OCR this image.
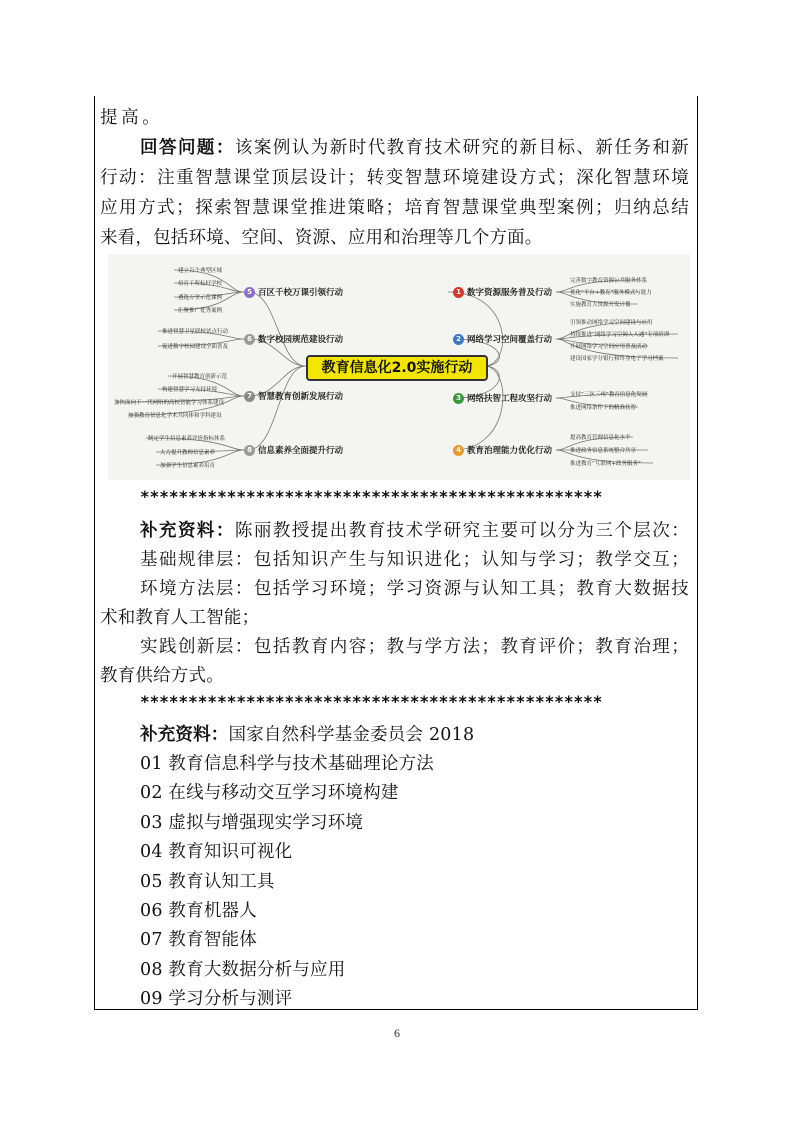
提高。
回答问题：该案例认为新时代教育技术研究的新目标、新任务和新
行动：注重智慧课堂顶层设计；转变智慧环境建设方式；深化智慧环境
应用方式；探索智慧课堂推进策略；培育智慧课堂典型案例；归纳总结
来看，包括环境、空间、资源、应用和治理等几个方面。
教育信息化2.0实施行动
5 百区千校万课引领行动
6 数字校园规范建设行动
7 智慧教育创新发展行动
8 信息素养全面提升行动
1 数字资源服务普及行动
2 网络学习空间覆盖行动
3 网络扶智工程攻坚行动
4 教育治理能力优化行动
建立百个典型区域
培育千所标杆学校
遴选万堂示范课例
汇聚推广优秀案例
推进智慧卫星联校试点行动
促进数字校园建设全面普及
开展智慧教育创新示范
构建智慧学习支持环境
加快面向下一代网络的高校智能学习体系建设
加强教育信息化学术共同体和学科建设
制定学生信息素养评价指标体系
大力提升教师信息素养
加强学生信息素养培育
完善数字教育资源公共服务体系
优化“平台+教育”服务模式与能力
实施教育大资源开发计划
引领推动网络学习空间建设与应用
持续推进“网络学习空间人人通”专项培训
开展网络学习空间应用普及活动
建设国家学分银行和终身电子学习档案
支持“三区三州”教育信息化发展
推进网络条件下的精准扶智
提高教育管理信息化水平
推进政务信息系统整合共享
推进教育“互联网+政务服务”
************************************************
补充资料：陈丽教授提出教育技术学研究主要可以分为三个层次：
基础规律层：包括知识产生与知识进化；认知与学习；教学交互；
环境方法层：包括学习环境；学习资源与认知工具；教育大数据技
术和教育人工智能；
实践创新层：包括教育内容；教与学方法；教育评价；教育治理；
教育供给方式。
************************************************
补充资料：国家自然科学基金委员会 2018
01 教育信息科学与技术基础理论方法
02 在线与移动交互学习环境构建
03 虚拟与增强现实学习环境
04 教育知识可视化
05 教育认知工具
06 教育机器人
07 教育智能体
08 教育大数据分析与应用
09 学习分析与测评
6
